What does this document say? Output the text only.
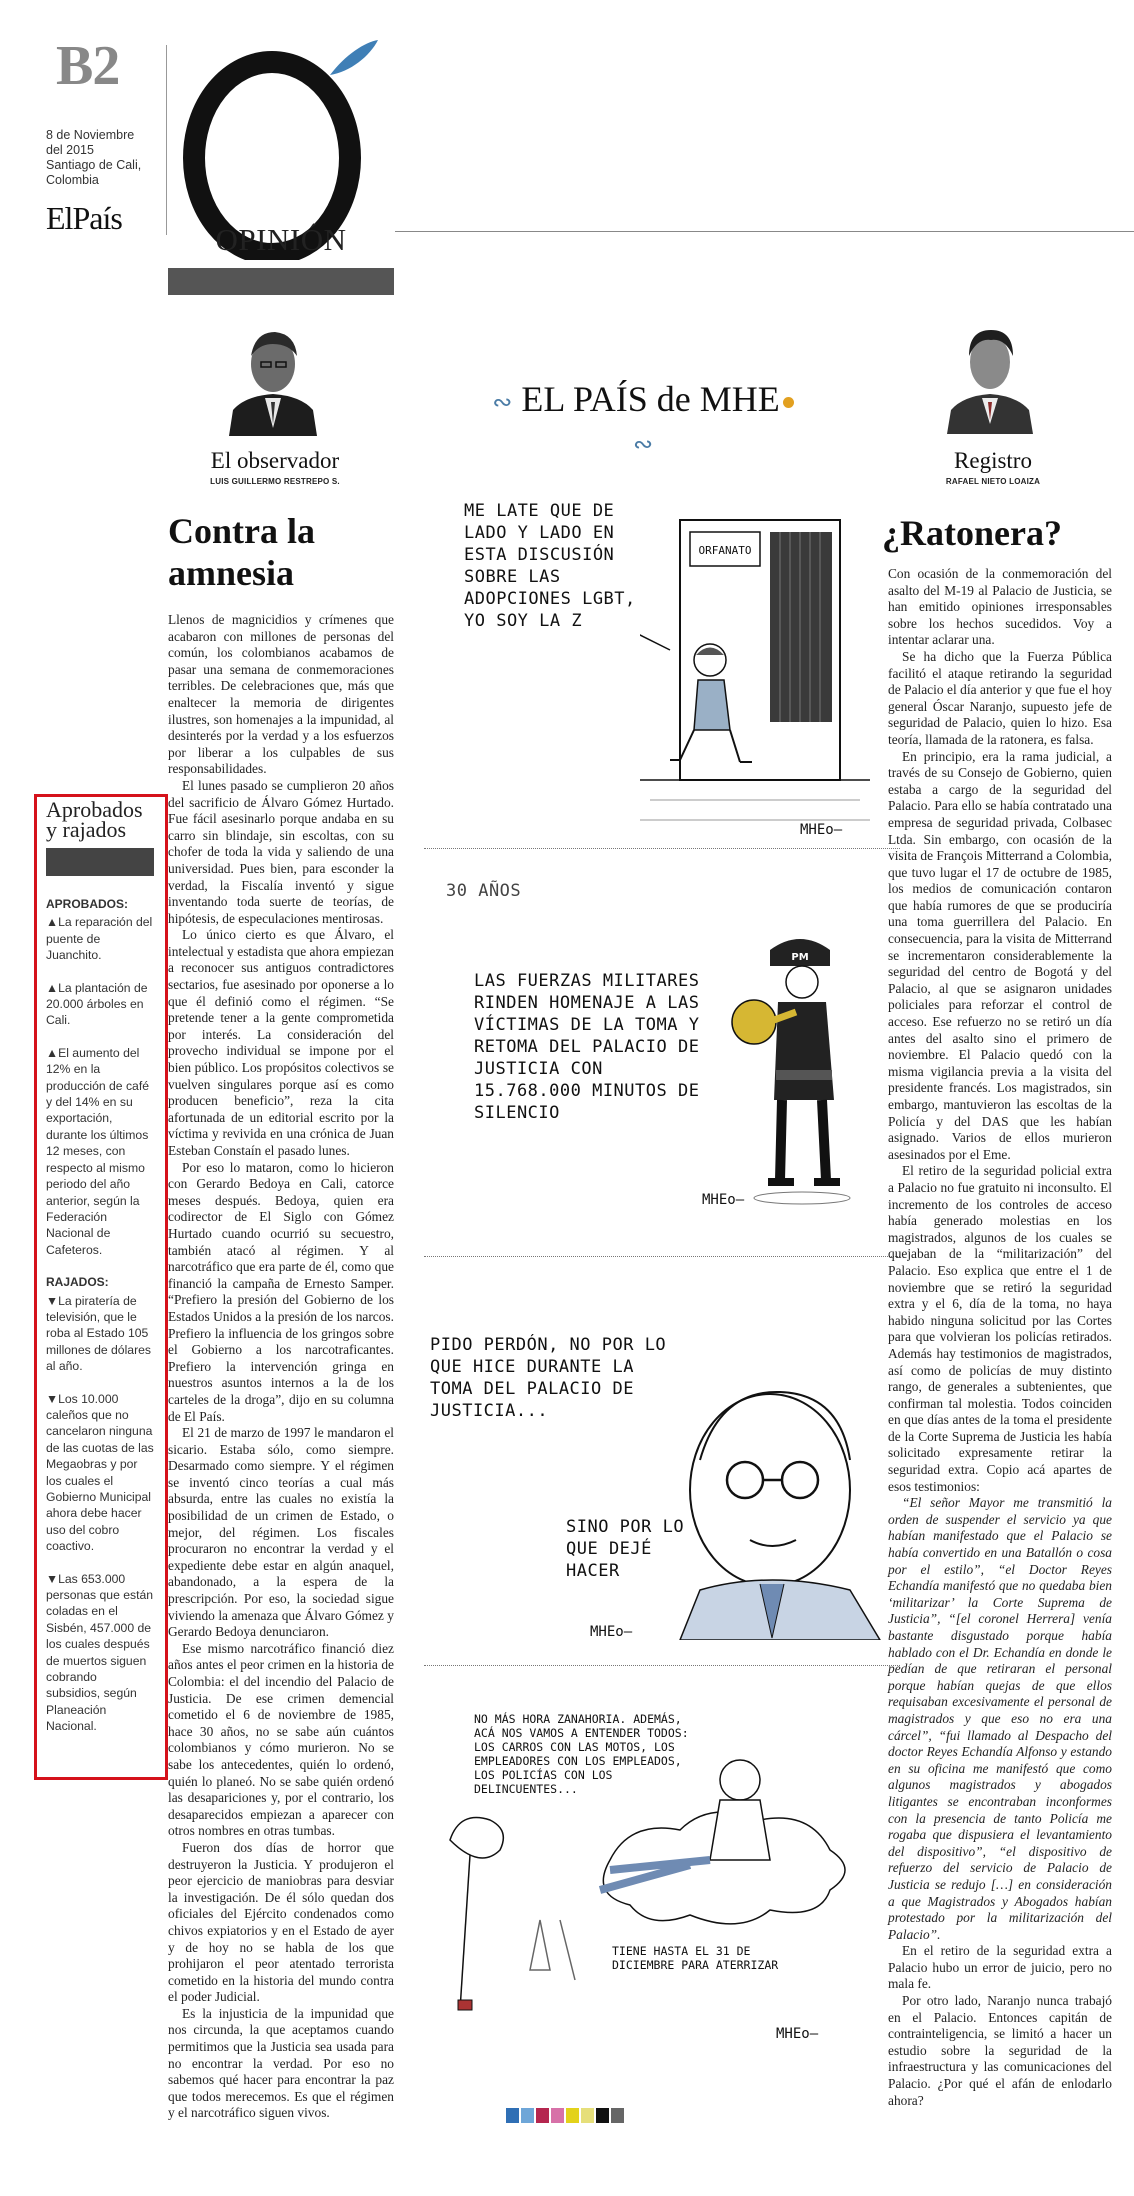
B2
8 de Noviembre
del 2015
Santiago de Cali,
Colombia
ElPaís
OPINIÓN
El observador
LUIS GUILLERMO RESTREPO S.
Registro
RAFAEL NIETO LOAIZA
∾ EL PAÍS de MHE ∾
Contra la
amnesia

Llenos de magnicidios y crímenes que acabaron con millones de personas del común, los colombianos acabamos de pasar una semana de conmemoraciones terribles. De celebraciones que, más que enaltecer la memoria de dirigentes ilustres, son homenajes a la impunidad, al desinterés por la verdad y a los esfuerzos por liberar a los culpables de sus responsabilidades.

El lunes pasado se cumplieron 20 años del sacrificio de Álvaro Gómez Hurtado. Fue fácil asesinarlo porque andaba en su carro sin blindaje, sin escoltas, con su chofer de toda la vida y saliendo de una universidad. Pues bien, para esconder la verdad, la Fiscalía inventó y sigue inventando toda suerte de teorías, de hipótesis, de especulaciones mentirosas.

Lo único cierto es que Álvaro, el intelectual y estadista que ahora empiezan a reconocer sus antiguos contradictores sectarios, fue asesinado por oponerse a lo que él definió como el régimen. “Se pretende tener a la gente comprometida por interés. La consideración del provecho individual se impone por el bien público. Los propósitos colectivos se vuelven singulares porque así es como producen beneficio”, reza la cita afortunada de un editorial escrito por la víctima y revivida en una crónica de Juan Esteban Constaín el pasado lunes.

Por eso lo mataron, como lo hicieron con Gerardo Bedoya en Cali, catorce meses después. Bedoya, quien era codirector de El Siglo con Gómez Hurtado cuando ocurrió su secuestro, también atacó al régimen. Y al narcotráfico que era parte de él, como que financió la campaña de Ernesto Samper. “Prefiero la presión del Gobierno de los Estados Unidos a la presión de los narcos. Prefiero la influencia de los gringos sobre el Gobierno a los narcotraficantes. Prefiero la intervención gringa en nuestros asuntos internos a la de los carteles de la droga”, dijo en su columna de El País.

El 21 de marzo de 1997 le mandaron el sicario. Estaba sólo, como siempre. Desarmado como siempre. Y el régimen se inventó cinco teorías a cual más absurda, entre las cuales no existía la posibilidad de un crimen de Estado, o mejor, del régimen. Los fiscales procuraron no encontrar la verdad y el expediente debe estar en algún anaquel, abandonado, a la espera de la prescripción. Por eso, la sociedad sigue viviendo la amenaza que Álvaro Gómez y Gerardo Bedoya denunciaron.

Ese mismo narcotráfico financió diez años antes el peor crimen en la historia de Colombia: el del incendio del Palacio de Justicia. De ese crimen demencial cometido el 6 de noviembre de 1985, hace 30 años, no se sabe aún cuántos colombianos y cómo murieron. No se sabe los antecedentes, quién lo ordenó, quién lo planeó. No se sabe quién ordenó las desapariciones y, por el contrario, los desaparecidos empiezan a aparecer con otros nombres en otras tumbas.

Fueron dos días de horror que destruyeron la Justicia. Y produjeron el peor ejercicio de maniobras para desviar la investigación. De él sólo quedan dos oficiales del Ejército condenados como chivos expiatorios y en el Estado de ayer y de hoy no se habla de los que prohijaron el peor atentado terrorista cometido en la historia del mundo contra el poder Judicial.

Es la injusticia de la impunidad que nos circunda, la que aceptamos cuando permitimos que la Justicia sea usada para no encontrar la verdad. Por eso no sabemos qué hacer para encontrar la paz que todos merecemos. Es que el régimen y el narcotráfico siguen vivos.

Aprobados
y rajados
APROBADOS:
▲La reparación del puente de Juanchito.
▲La plantación de 20.000 árboles en Cali.
▲El aumento del 12% en la producción de café y del 14% en su exportación, durante los últimos 12 meses, con respecto al mismo periodo del año anterior, según la Federación Nacional de Cafeteros.
RAJADOS:
▼La piratería de televisión, que le roba al Estado 105 millones de dólares al año.
▼Los 10.000 caleños que no cancelaron ninguna de las cuotas de las Megaobras y por los cuales el Gobierno Municipal ahora debe hacer uso del cobro coactivo.
▼Las 653.000 personas que están coladas en el Sisbén, 457.000 de los cuales después de muertos siguen cobrando subsidios, según Planeación Nacional.
ME LATE QUE DE LADO Y LADO EN ESTA DISCUSIÓN SOBRE LAS ADOPCIONES LGBT, YO SOY LA Z
ORFANATO
MHEo—
30 AÑOS
LAS FUERZAS MILITARES RINDEN HOMENAJE A LAS VÍCTIMAS DE LA TOMA Y RETOMA DEL PALACIO DE JUSTICIA CON 15.768.000 MINUTOS DE SILENCIO
PM
MHEo—
PIDO PERDÓN, NO POR LO QUE HICE DURANTE LA TOMA DEL PALACIO DE JUSTICIA...
SINO POR LO QUE DEJÉ HACER
MHEo—
NO MÁS HORA ZANAHORIA. ADEMÁS, ACÁ NOS VAMOS A ENTENDER TODOS: LOS CARROS CON LAS MOTOS, LOS EMPLEADORES CON LOS EMPLEADOS, LOS POLICÍAS CON LOS DELINCUENTES...
TIENE HASTA EL 31 DE DICIEMBRE PARA ATERRIZAR
MHEo—
¿Ratonera?

Con ocasión de la conmemoración del asalto del M-19 al Palacio de Justicia, se han emitido opiniones irresponsables sobre los hechos sucedidos. Voy a intentar aclarar una.

Se ha dicho que la Fuerza Pública facilitó el ataque retirando la seguridad de Palacio el día anterior y que fue el hoy general Óscar Naranjo, supuesto jefe de seguridad de Palacio, quien lo hizo. Esa teoría, llamada de la ratonera, es falsa.

En principio, era la rama judicial, a través de su Consejo de Gobierno, quien estaba a cargo de la seguridad del Palacio. Para ello se había contratado una empresa de seguridad privada, Colbasec Ltda. Sin embargo, con ocasión de la visita de François Mitterrand a Colombia, que tuvo lugar el 17 de octubre de 1985, los medios de comunicación contaron que había rumores de que se produciría una toma guerrillera del Palacio. En consecuencia, para la visita de Mitterrand se incrementaron considerablemente la seguridad del centro de Bogotá y del Palacio, al que se asignaron unidades policiales para reforzar el control de acceso. Ese refuerzo no se retiró un día antes del asalto sino el primero de noviembre. El Palacio quedó con la misma vigilancia previa a la visita del presidente francés. Los magistrados, sin embargo, mantuvieron las escoltas de la Policía y del DAS que les habían asignado. Varios de ellos murieron asesinados por el Eme.

El retiro de la seguridad policial extra a Palacio no fue gratuito ni inconsulto. El incremento de los controles de acceso había generado molestias en los magistrados, algunos de los cuales se quejaban de la “militarización” del Palacio. Eso explica que entre el 1 de noviembre que se retiró la seguridad extra y el 6, día de la toma, no haya habido ninguna solicitud por las Cortes para que volvieran los policías retirados. Además hay testimonios de magistrados, así como de policías de muy distinto rango, de generales a subtenientes, que confirman tal molestia. Todos coinciden en que días antes de la toma el presidente de la Corte Suprema de Justicia les había solicitado expresamente retirar la seguridad extra. Copio acá apartes de esos testimonios:

“El señor Mayor me transmitió la orden de suspender el servicio ya que habían manifestado que el Palacio se había convertido en una Batallón o cosa por el estilo”, “el Doctor Reyes Echandía manifestó que no quedaba bien ‘militarizar’ la Corte Suprema de Justicia”, “[el coronel Herrera] venía bastante disgustado porque había hablado con el Dr. Echandía en donde le pedían de que retiraran el personal porque habían quejas de que ellos requisaban excesivamente el personal de magistrados y que eso no era una cárcel”, “fui llamado al Despacho del doctor Reyes Echandía Alfonso y estando en su oficina me manifestó que como algunos magistrados y abogados litigantes se encontraban inconformes con la presencia de tanto Policía me rogaba que dispusiera el levantamiento del dispositivo”, “el dispositivo de refuerzo del servicio de Palacio de Justicia se redujo […] en consideración a que Magistrados y Abogados habían protestado por la militarización del Palacio”.

En el retiro de la seguridad extra a Palacio hubo un error de juicio, pero no mala fe.

Por otro lado, Naranjo nunca trabajó en el Palacio. Entonces capitán de contrainteligencia, se limitó a hacer un estudio sobre la seguridad de la infraestructura y las comunicaciones del Palacio. ¿Por qué el afán de enlodarlo ahora?
